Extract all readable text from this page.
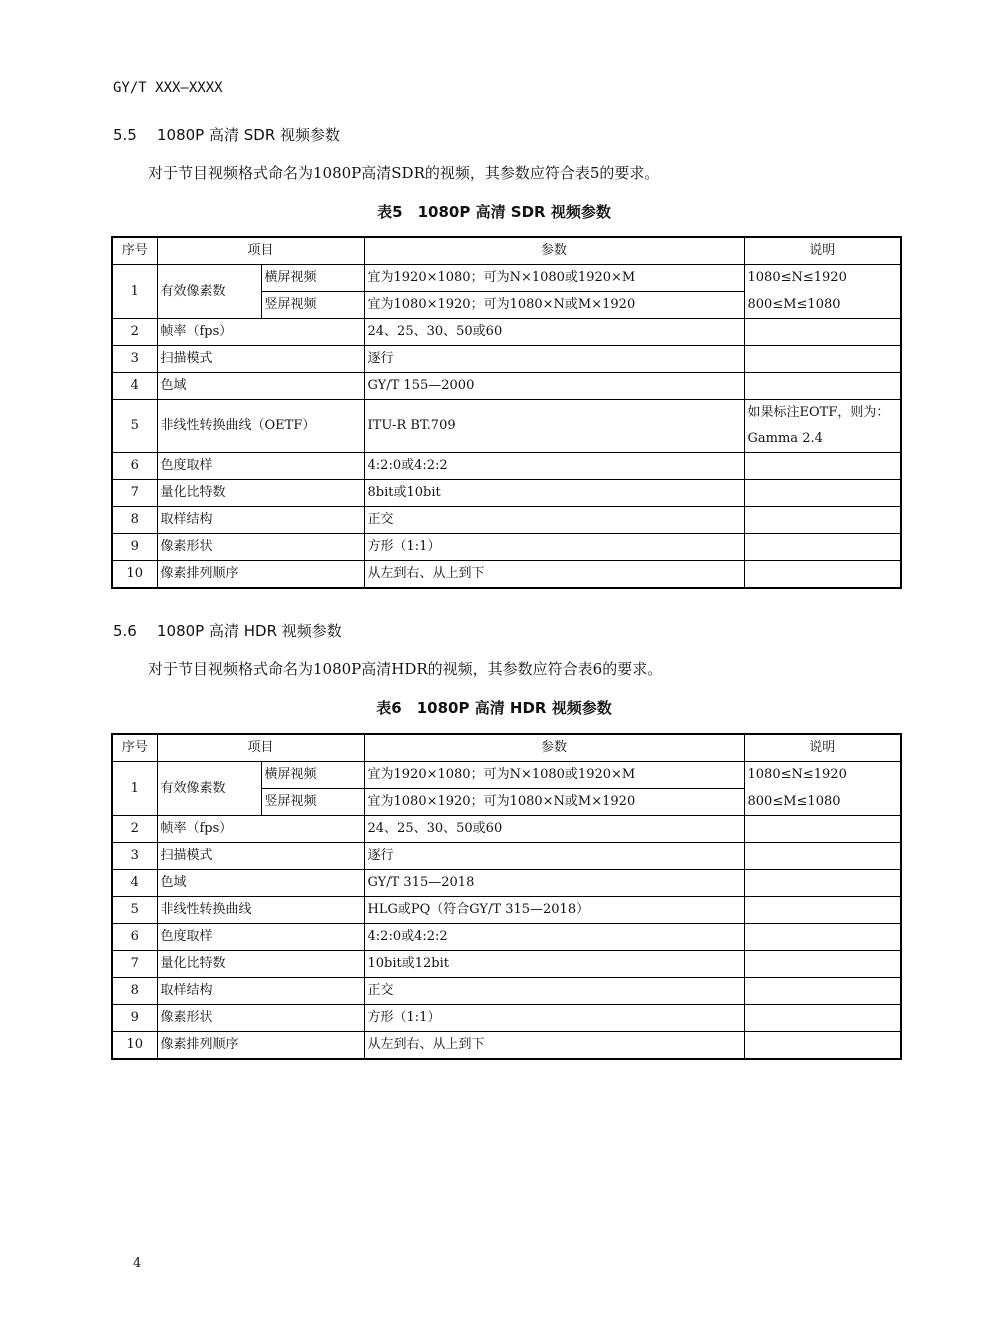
GY/T XXX—XXXX
5.5 1080P 高清 SDR 视频参数
对于节目视频格式命名为1080P高清SDR的视频，其参数应符合表5的要求。
表5　1080P 高清 SDR 视频参数
序号	项目		参数	说明
1	有效像素数	横屏视频	宜为1920×1080；可为N×1080或1920×M	1080≤N≤1920
		竖屏视频	宜为1080×1920；可为1080×N或M×1920	800≤M≤1080
2	帧率（fps）		24、25、30、50或60	
3	扫描模式		逐行	
4	色域		GY/T 155—2000	
5	非线性转换曲线（OETF）		ITU-R BT.709	如果标注EOTF，则为：
Gamma 2.4

6	色度取样		4:2:0或4:2:2	
7	量化比特数		8bit或10bit	
8	取样结构		正交	
9	像素形状		方形（1:1）	
10	像素排列顺序		从左到右、从上到下	
5.6 1080P 高清 HDR 视频参数
对于节目视频格式命名为1080P高清HDR的视频，其参数应符合表6的要求。
表6　1080P 高清 HDR 视频参数
序号	项目		参数	说明
1	有效像素数	横屏视频	宜为1920×1080；可为N×1080或1920×M	1080≤N≤1920
		竖屏视频	宜为1080×1920；可为1080×N或M×1920	800≤M≤1080
2	帧率（fps）		24、25、30、50或60	
3	扫描模式		逐行	
4	色域		GY/T 315—2018	
5	非线性转换曲线		HLG或PQ（符合GY/T 315—2018）	
6	色度取样		4:2:0或4:2:2	
7	量化比特数		10bit或12bit	
8	取样结构		正交	
9	像素形状		方形（1:1）	
10	像素排列顺序		从左到右、从上到下	
4
